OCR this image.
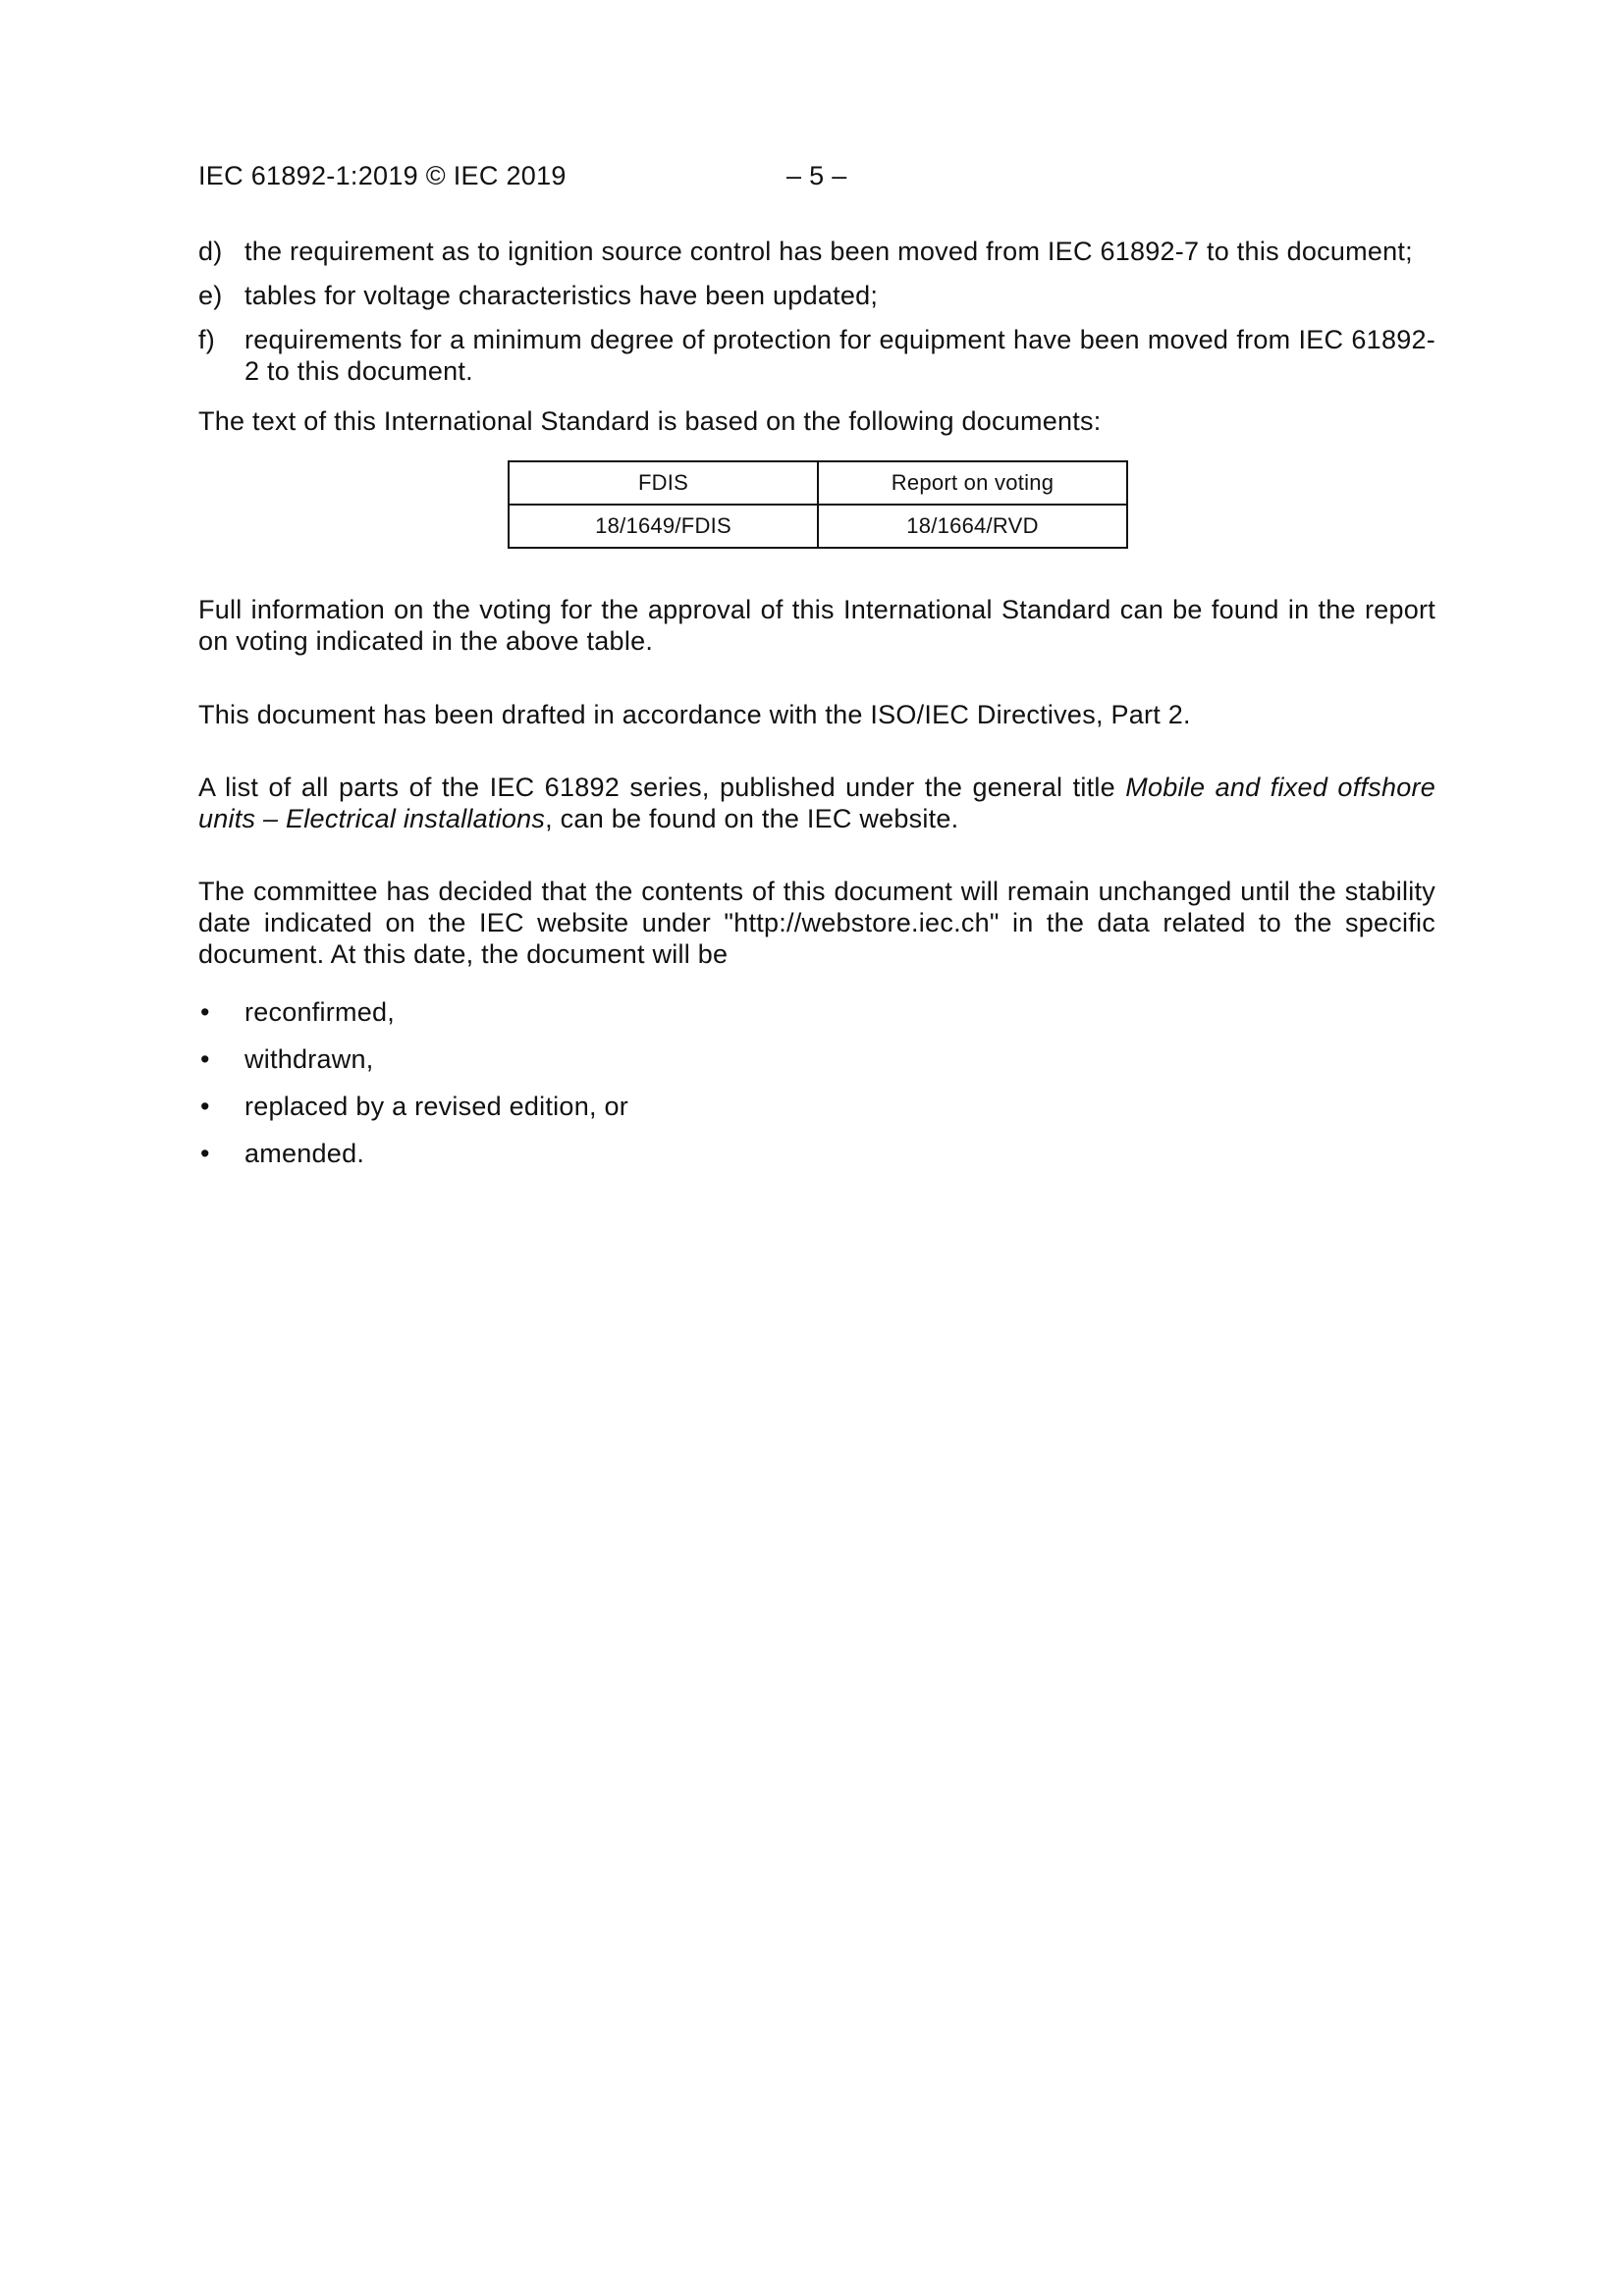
IEC 61892-1:2019 © IEC 2019	– 5 –
d) the requirement as to ignition source control has been moved from IEC 61892-7 to this document;
e) tables for voltage characteristics have been updated;
f) requirements for a minimum degree of protection for equipment have been moved from IEC 61892-2 to this document.

The text of this International Standard is based on the following documents:

FDIS	Report on voting
18/1649/FDIS	18/1664/RVD

Full information on the voting for the approval of this International Standard can be found in the report on voting indicated in the above table.

This document has been drafted in accordance with the ISO/IEC Directives, Part 2.

A list of all parts of the IEC 61892 series, published under the general title Mobile and fixed offshore units – Electrical installations, can be found on the IEC website.

The committee has decided that the contents of this document will remain unchanged until the stability date indicated on the IEC website under "http://webstore.iec.ch" in the data related to the specific document. At this date, the document will be

• reconfirmed,
• withdrawn,
• replaced by a revised edition, or
• amended.
